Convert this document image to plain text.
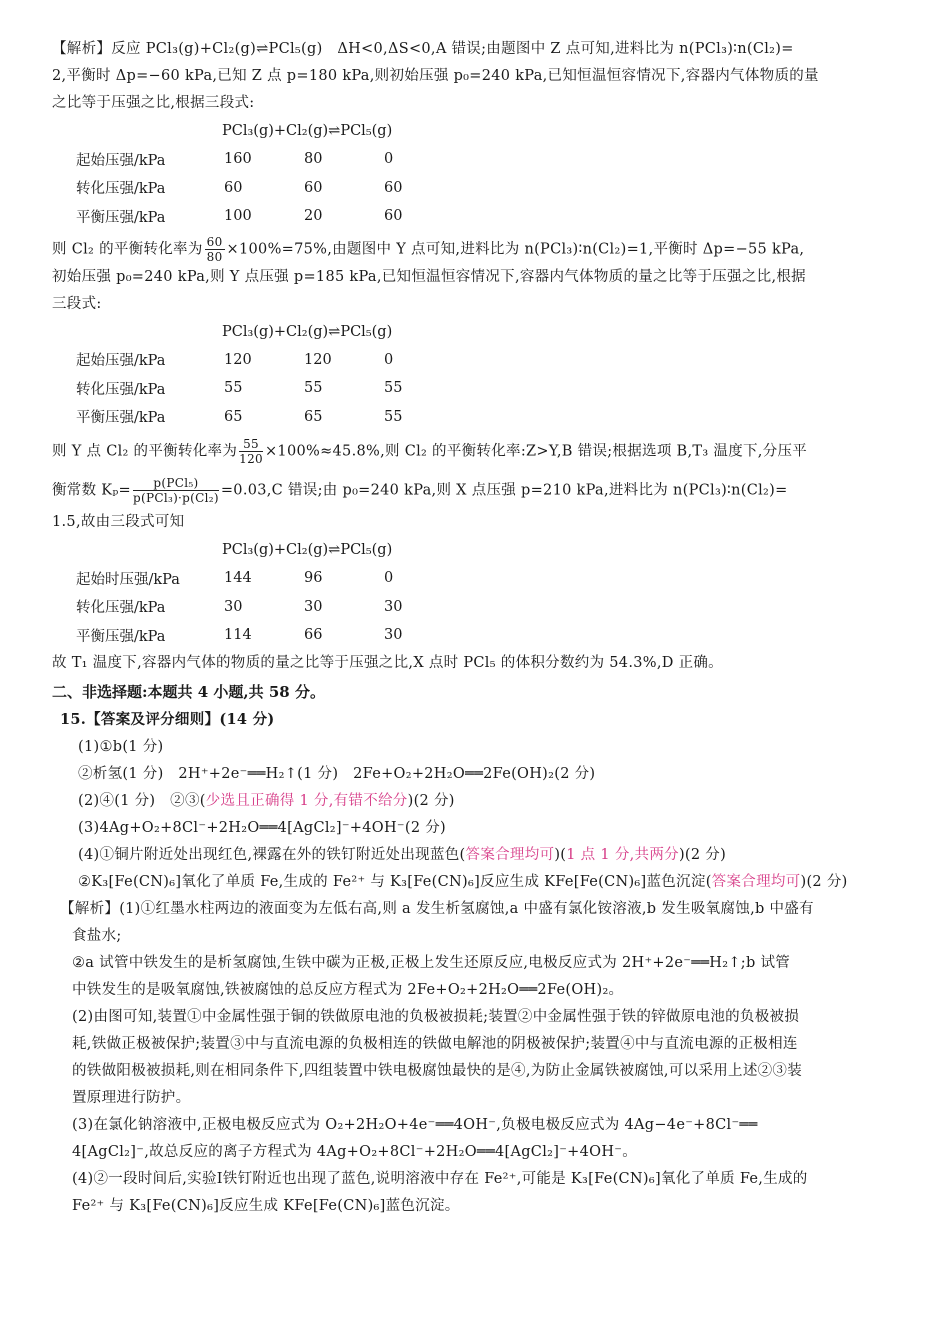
【解析】反应 PCl₃(g)+Cl₂(g)⇌PCl₅(g)　ΔH<0,ΔS<0,A 错误;由题图中 Z 点可知,进料比为 n(PCl₃)∶n(Cl₂)=

2,平衡时 Δp=−60 kPa,已知 Z 点 p=180 kPa,则初始压强 p₀=240 kPa,已知恒温恒容情况下,容器内气体物质的量

之比等于压强之比,根据三段式:

PCl₃(g)+Cl₂(g)⇌PCl₅(g)

起始压强/kPa	160	80	0
转化压强/kPa	60	60	60
平衡压强/kPa	100	20	60

则 Cl₂ 的平衡转化率为 $\frac{60}{80} \times 100\%=75\%$,由题图中 Y 点可知,进料比为 n(PCl₃)∶n(Cl₂)=1,平衡时 Δp=−55 kPa,

初始压强 p₀=240 kPa,则 Y 点压强 p=185 kPa,已知恒温恒容情况下,容器内气体物质的量之比等于压强之比,根据

三段式:

PCl₃(g)+Cl₂(g)⇌PCl₅(g)

起始压强/kPa	120	120	0
转化压强/kPa	55	55	55
平衡压强/kPa	65	65	55

则 Y 点 Cl₂ 的平衡转化率为 $\frac{55}{120} \times 100\%\approx 45.8\%$,则 Cl₂ 的平衡转化率:Z>Y,B 错误;根据选项 B,T₃ 温度下,分压平

衡常数 $K_p= \frac{\text{p(PCl₅)}}{\text{p(PCl₃)·p(Cl₂)}} =0.03,C$ 错误;由 p₀=240 kPa,则 X 点压强 p=210 kPa,进料比为 n(PCl₃)∶n(Cl₂)=

1.5,故由三段式可知

PCl₃(g)+Cl₂(g)⇌PCl₅(g)

起始时压强/kPa	144	96	0
转化压强/kPa	30	30	30
平衡压强/kPa	114	66	30

故 T₁ 温度下,容器内气体的物质的量之比等于压强之比,X 点时 PCl₅ 的体积分数约为 54.3%,D 正确。

二、非选择题:本题共 4 小题,共 58 分。

15.【答案及评分细则】(14 分)

(1)①b(1 分)

②析氢(1 分)　2H⁺+2e⁻══H₂↑(1 分)　2Fe+O₂+2H₂O══2Fe(OH)₂(2 分)

(2)④(1 分)　②③(少选且正确得 1 分,有错不给分)(2 分)

(3)4Ag+O₂+8Cl⁻+2H₂O══4[AgCl₂]⁻+4OH⁻(2 分)

(4)①铜片附近处出现红色,裸露在外的铁钉附近处出现蓝色(答案合理均可)(1 点 1 分,共两分)(2 分)

②K₃[Fe(CN)₆]氧化了单质 Fe,生成的 Fe²⁺ 与 K₃[Fe(CN)₆]反应生成 KFe[Fe(CN)₆]蓝色沉淀(答案合理均可)(2 分)

【解析】(1)①红墨水柱两边的液面变为左低右高,则 a 发生析氢腐蚀,a 中盛有氯化铵溶液,b 发生吸氧腐蚀,b 中盛有

食盐水;

②a 试管中铁发生的是析氢腐蚀,生铁中碳为正极,正极上发生还原反应,电极反应式为 2H⁺+2e⁻══H₂↑;b 试管

中铁发生的是吸氧腐蚀,铁被腐蚀的总反应方程式为 2Fe+O₂+2H₂O══2Fe(OH)₂。

(2)由图可知,装置①中金属性强于铜的铁做原电池的负极被损耗;装置②中金属性强于铁的锌做原电池的负极被损

耗,铁做正极被保护;装置③中与直流电源的负极相连的铁做电解池的阴极被保护;装置④中与直流电源的正极相连

的铁做阳极被损耗,则在相同条件下,四组装置中铁电极腐蚀最快的是④,为防止金属铁被腐蚀,可以采用上述②③装

置原理进行防护。

(3)在氯化钠溶液中,正极电极反应式为 O₂+2H₂O+4e⁻══4OH⁻,负极电极反应式为 4Ag−4e⁻+8Cl⁻══

4[AgCl₂]⁻,故总反应的离子方程式为 4Ag+O₂+8Cl⁻+2H₂O══4[AgCl₂]⁻+4OH⁻。

(4)②一段时间后,实验Ⅰ铁钉附近也出现了蓝色,说明溶液中存在 Fe²⁺,可能是 K₃[Fe(CN)₆]氧化了单质 Fe,生成的

Fe²⁺ 与 K₃[Fe(CN)₆]反应生成 KFe[Fe(CN)₆]蓝色沉淀。
